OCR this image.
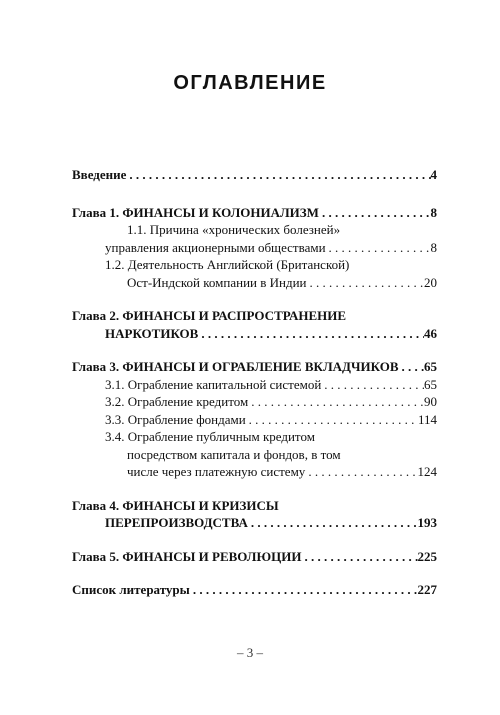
ОГЛАВЛЕНИЕ
Введение . . .	4
Глава 1. ФИНАНСЫ И КОЛОНИАЛИЗМ . . .	8
1.1. Причина «хронических болезней»
управления акционерными обществами . . .	8
1.2. Деятельность Английской (Британской)
Ост-Индской компании в Индии . . .	20
Глава 2. ФИНАНСЫ И РАСПРОСТРАНЕНИЕ
НАРКОТИКОВ . . .	46
Глава 3. ФИНАНСЫ И ОГРАБЛЕНИЕ ВКЛАДЧИКОВ . . . 65
3.1. Ограбление капитальной системой . . .	65
3.2. Ограбление кредитом . . .	90
3.3. Ограбление фондами . . .	114
3.4. Ограбление публичным кредитом
посредством капитала и фондов, в том
числе через платежную систему . . .	124
Глава 4. ФИНАНСЫ И КРИЗИСЫ
ПЕРЕПРОИЗВОДСТВА . . .	193
Глава 5. ФИНАНСЫ И РЕВОЛЮЦИИ . . .	225
Список литературы . . .	227
– 3 –
